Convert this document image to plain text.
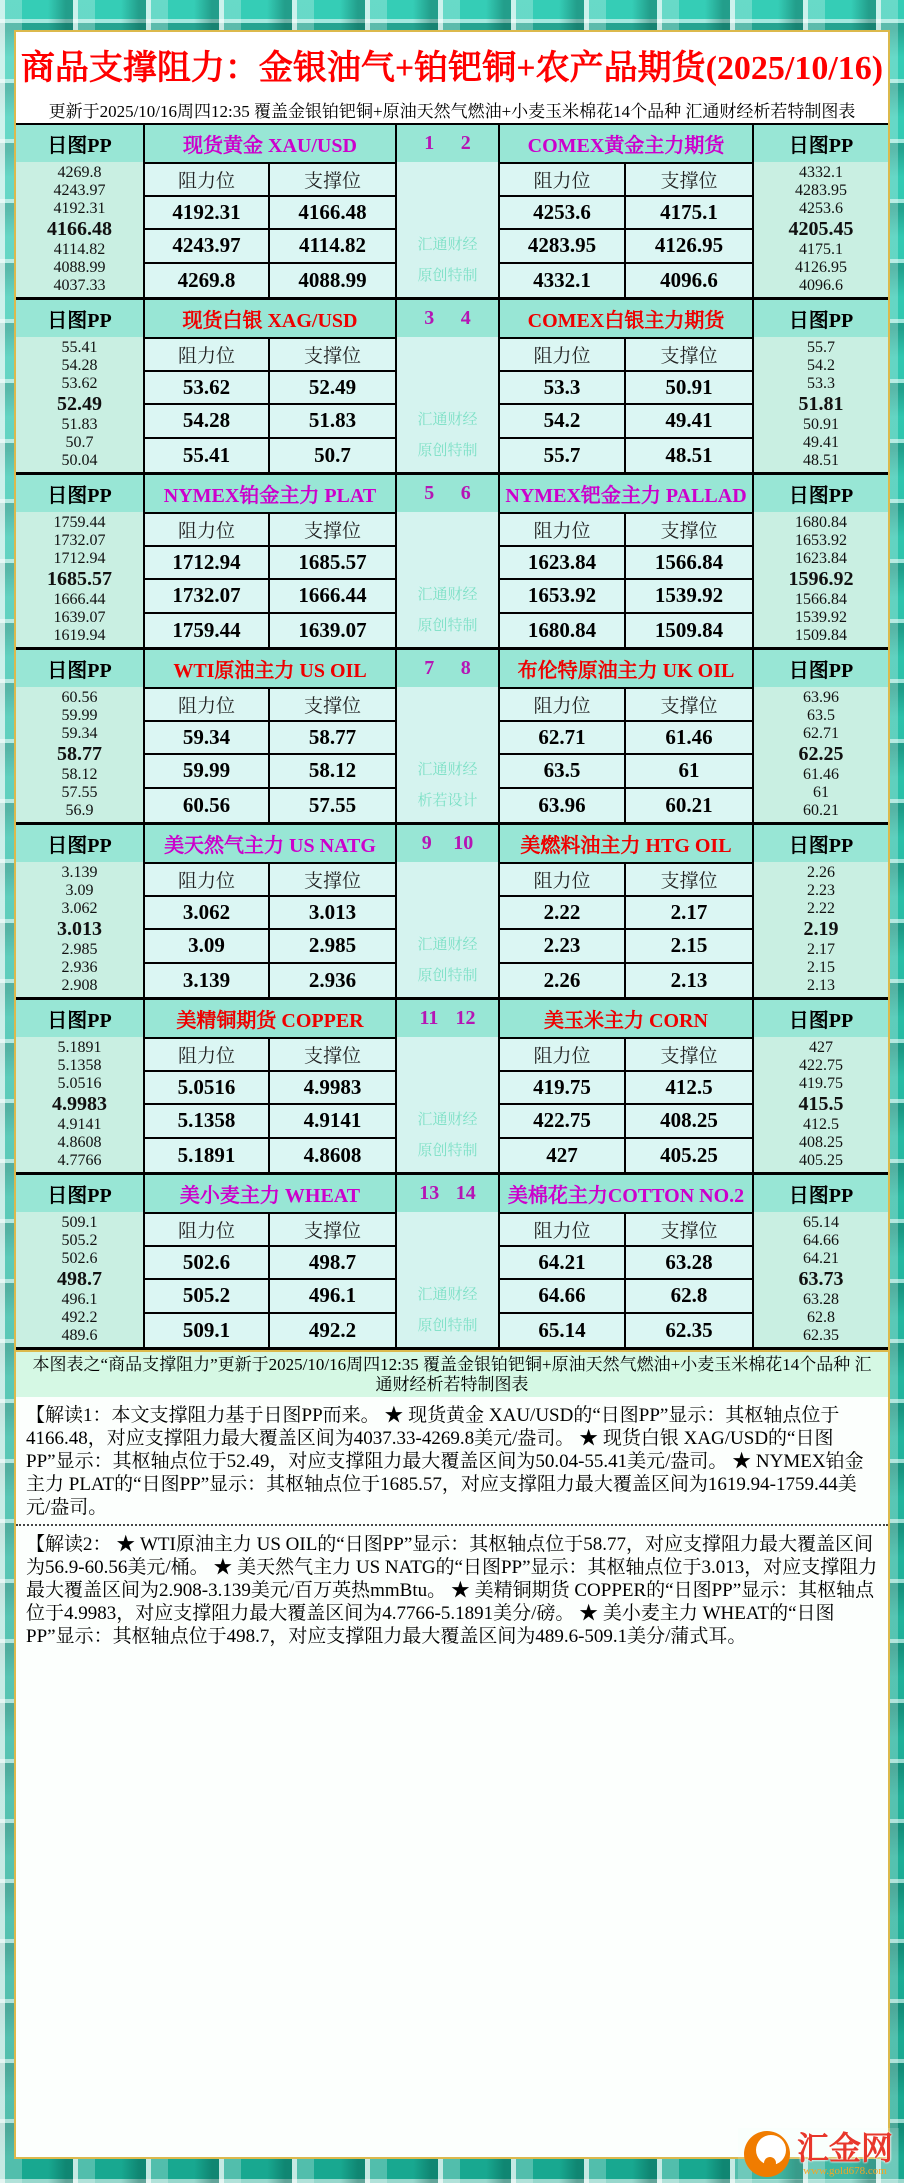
商品支撑阻力：金银油气+铂钯铜+农产品期货(2025/10/16)
更新于2025/10/16周四12:35 覆盖金银铂钯铜+原油天然气燃油+小麦玉米棉花14个品种 汇通财经析若特制图表
日图PP	现货黄金 XAU/USD	1 2	COMEX黄金主力期货	日图PP
4269.8
4243.97
4192.31
4166.48
4114.82
4088.99
4037.33
阻力位	支撑位
4192.31	4166.48
4243.97	4114.82
4269.8	4088.99
汇通财经
原创特制
阻力位	支撑位
4253.6	4175.1
4283.95	4126.95
4332.1	4096.6
4332.1
4283.95
4253.6
4205.45
4175.1
4126.95
4096.6
日图PP	现货白银 XAG/USD	3 4	COMEX白银主力期货	日图PP
55.41
54.28
53.62
52.49
51.83
50.7
50.04
阻力位	支撑位
53.62	52.49
54.28	51.83
55.41	50.7
汇通财经
原创特制
阻力位	支撑位
53.3	50.91
54.2	49.41
55.7	48.51
55.7
54.2
53.3
51.81
50.91
49.41
48.51
日图PP	NYMEX铂金主力 PLAT	5 6	NYMEX钯金主力 PALLAD	日图PP
1759.44
1732.07
1712.94
1685.57
1666.44
1639.07
1619.94
阻力位	支撑位
1712.94	1685.57
1732.07	1666.44
1759.44	1639.07
汇通财经
原创特制
阻力位	支撑位
1623.84	1566.84
1653.92	1539.92
1680.84	1509.84
1680.84
1653.92
1623.84
1596.92
1566.84
1539.92
1509.84
日图PP	WTI原油主力 US OIL	7 8	布伦特原油主力 UK OIL	日图PP
60.56
59.99
59.34
58.77
58.12
57.55
56.9
阻力位	支撑位
59.34	58.77
59.99	58.12
60.56	57.55
汇通财经
析若设计
阻力位	支撑位
62.71	61.46
63.5	61
63.96	60.21
63.96
63.5
62.71
62.25
61.46
61
60.21
日图PP	美天然气主力 US NATG	9 10	美燃料油主力 HTG OIL	日图PP
3.139
3.09
3.062
3.013
2.985
2.936
2.908
阻力位	支撑位
3.062	3.013
3.09	2.985
3.139	2.936
汇通财经
原创特制
阻力位	支撑位
2.22	2.17
2.23	2.15
2.26	2.13
2.26
2.23
2.22
2.19
2.17
2.15
2.13
日图PP	美精铜期货 COPPER	11 12	美玉米主力 CORN	日图PP
5.1891
5.1358
5.0516
4.9983
4.9141
4.8608
4.7766
阻力位	支撑位
5.0516	4.9983
5.1358	4.9141
5.1891	4.8608
汇通财经
原创特制
阻力位	支撑位
419.75	412.5
422.75	408.25
427	405.25
427
422.75
419.75
415.5
412.5
408.25
405.25
日图PP	美小麦主力 WHEAT	13 14	美棉花主力COTTON NO.2	日图PP
509.1
505.2
502.6
498.7
496.1
492.2
489.6
阻力位	支撑位
502.6	498.7
505.2	496.1
509.1	492.2
汇通财经
原创特制
阻力位	支撑位
64.21	63.28
64.66	62.8
65.14	62.35
65.14
64.66
64.21
63.73
63.28
62.8
62.35
本图表之“商品支撑阻力”更新于2025/10/16周四12:35 覆盖金银铂钯铜+原油天然气燃油+小麦玉米棉花14个品种 汇通财经析若特制图表
【解读1：本文支撑阻力基于日图PP而来。 ★ 现货黄金 XAU/USD的“日图PP”显示：其枢轴点位于4166.48，对应支撑阻力最大覆盖区间为4037.33-4269.8美元/盎司。 ★ 现货白银 XAG/USD的“日图PP”显示：其枢轴点位于52.49，对应支撑阻力最大覆盖区间为50.04-55.41美元/盎司。 ★ NYMEX铂金主力 PLAT的“日图PP”显示：其枢轴点位于1685.57，对应支撑阻力最大覆盖区间为1619.94-1759.44美元/盎司。
【解读2： ★ WTI原油主力 US OIL的“日图PP”显示：其枢轴点位于58.77，对应支撑阻力最大覆盖区间为56.9-60.56美元/桶。 ★ 美天然气主力 US NATG的“日图PP”显示：其枢轴点位于3.013，对应支撑阻力最大覆盖区间为2.908-3.139美元/百万英热mmBtu。 ★ 美精铜期货 COPPER的“日图PP”显示：其枢轴点位于4.9983，对应支撑阻力最大覆盖区间为4.7766-5.1891美分/磅。 ★ 美小麦主力 WHEAT的“日图PP”显示：其枢轴点位于498.7，对应支撑阻力最大覆盖区间为489.6-509.1美分/蒲式耳。
汇金网
www.gold678.com
